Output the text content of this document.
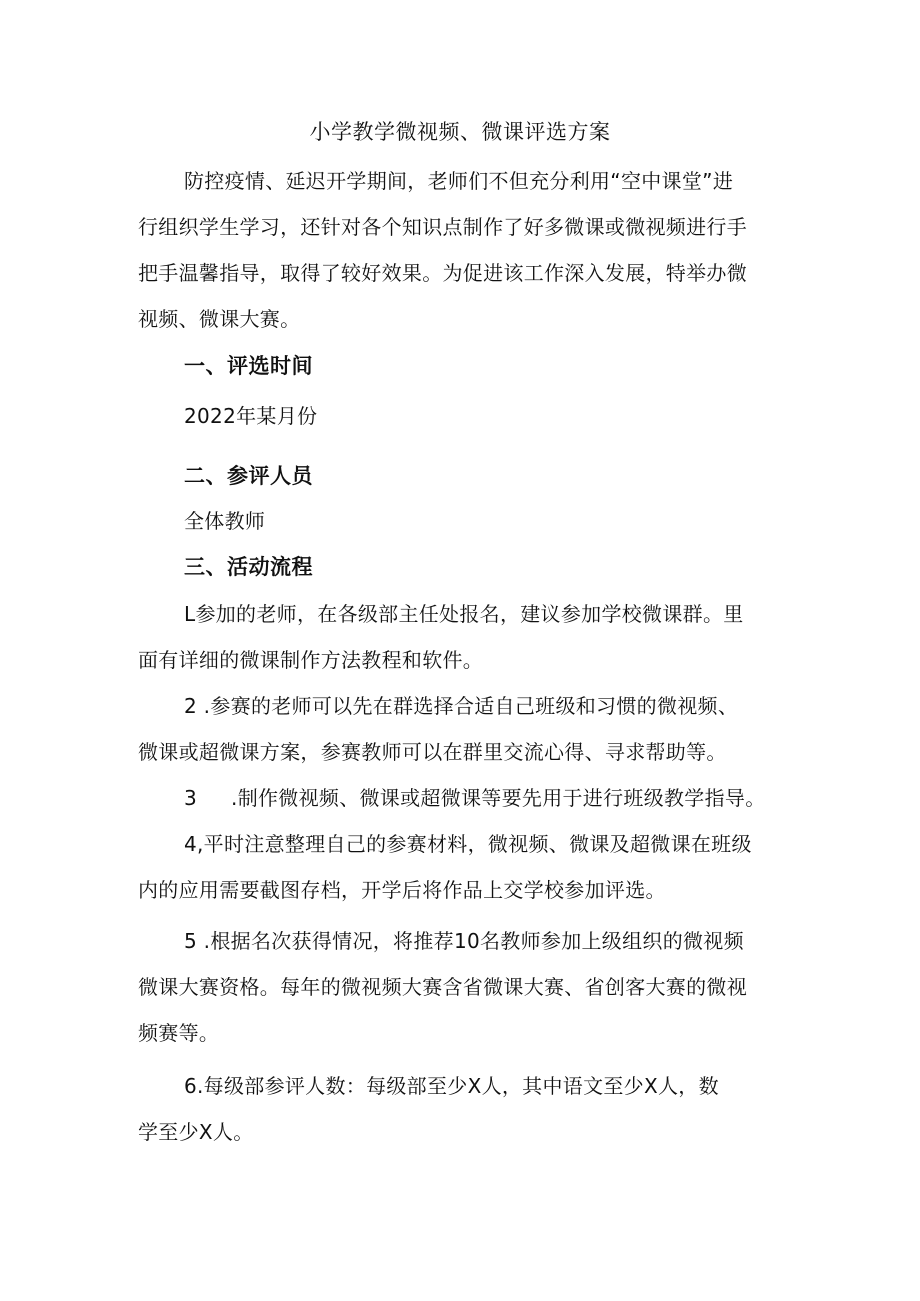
小学教学微视频、微课评选方案
防控疫情、延迟开学期间，老师们不但充分利用“空中课堂”进
行组织学生学习，还针对各个知识点制作了好多微课或微视频进行手
把手温馨指导，取得了较好效果。为促进该工作深入发展，特举办微
视频、微课大赛。
一、评选时间
2022年某月份
二、参评人员
全体教师
三、活动流程
L参加的老师，在各级部主任处报名，建议参加学校微课群。里
面有详细的微课制作方法教程和软件。
2 .参赛的老师可以先在群选择合适自己班级和习惯的微视频、
微课或超微课方案，参赛教师可以在群里交流心得、寻求帮助等。
3 .制作微视频、微课或超微课等要先用于进行班级教学指导。
4,平时注意整理自己的参赛材料，微视频、微课及超微课在班级
内的应用需要截图存档，开学后将作品上交学校参加评选。
5 .根据名次获得情况，将推荐10名教师参加上级组织的微视频
微课大赛资格。每年的微视频大赛含省微课大赛、省创客大赛的微视
频赛等。
6.每级部参评人数：每级部至少X人，其中语文至少X人，数
学至少X人。
